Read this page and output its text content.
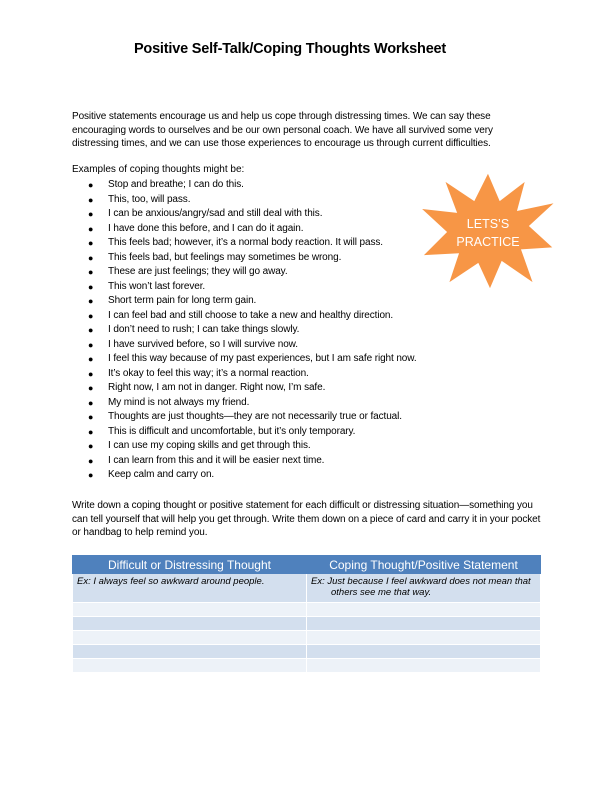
Positive Self-Talk/Coping Thoughts Worksheet
Positive statements encourage us and help us cope through distressing times. We can say these encouraging words to ourselves and be our own personal coach. We have all survived some very distressing times, and we can use those experiences to encourage us through current difficulties.
Examples of coping thoughts might be:
● Stop and breathe; I can do this.
● This, too, will pass.
● I can be anxious/angry/sad and still deal with this.
● I have done this before, and I can do it again.
● This feels bad; however, it’s a normal body reaction. It will pass.
● This feels bad, but feelings may sometimes be wrong.
● These are just feelings; they will go away.
● This won’t last forever.
● Short term pain for long term gain.
● I can feel bad and still choose to take a new and healthy direction.
● I don’t need to rush; I can take things slowly.
● I have survived before, so I will survive now.
● I feel this way because of my past experiences, but I am safe right now.
● It’s okay to feel this way; it’s a normal reaction.
● Right now, I am not in danger. Right now, I’m safe.
● My mind is not always my friend.
● Thoughts are just thoughts—they are not necessarily true or factual.
● This is difficult and uncomfortable, but it’s only temporary.
● I can use my coping skills and get through this.
● I can learn from this and it will be easier next time.
● Keep calm and carry on.
LETS’S
PRACTICE
Write down a coping thought or positive statement for each difficult or distressing situation—something you can tell yourself that will help you get through. Write them down on a piece of card and carry it in your pocket or handbag to help remind you.
Difficult or Distressing Thought	Coping Thought/Positive Statement
Ex: I always feel so awkward around people.	Ex: Just because I feel awkward does not mean that others see me that way.
